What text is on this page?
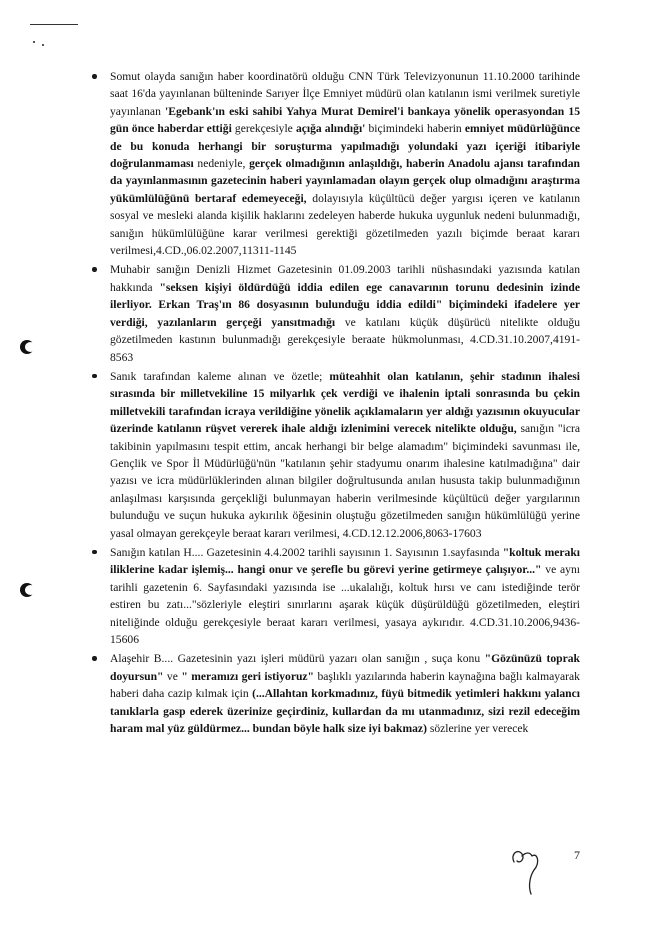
Somut olayda sanığın haber koordinatörü olduğu CNN Türk Televizyonunun 11.10.2000 tarihinde saat 16'da yayınlanan bülteninde Sarıyer İlçe Emniyet müdürü olan katılanın ismi verilmek suretiyle yayınlanan 'Egebank'ın eski sahibi Yahya Murat Demirel'i bankaya yönelik operasyondan 15 gün önce haberdar ettiği gerekçesiyle açığa alındığı' biçimindeki haberin emniyet müdürlüğünce de bu konuda herhangi bir soruşturma yapılmadığı yolundaki yazı içeriği itibariyle doğrulanmaması nedeniyle, gerçek olmadığının anlaşıldığı, haberin Anadolu ajansı tarafından da yayınlanmasının gazetecinin haberi yayınlamadan olayın gerçek olup olmadığını araştırma yükümlülüğünü bertaraf edemeyeceği, dolayısıyla küçültücü değer yargısı içeren ve katılanın sosyal ve mesleki alanda kişilik haklarını zedeleyen haberde hukuka uygunluk nedeni bulunmadığı, sanığın hükümlülüğüne karar verilmesi gerektiği gözetilmeden yazılı biçimde beraat kararı verilmesi,4.CD.,06.02.2007,11311-1145

Muhabir sanığın Denizli Hizmet Gazetesinin 01.09.2003 tarihli nüshasındaki yazısında katılan hakkında "seksen kişiyi öldürdüğü iddia edilen ege canavarının torunu dedesinin izinde ilerliyor. Erkan Traş'ın 86 dosyasının bulunduğu iddia edildi" biçimindeki ifadelere yer verdiği, yazılanların gerçeği yansıtmadığı ve katılanı küçük düşürücü nitelikte olduğu gözetilmeden kastının bulunmadığı gerekçesiyle beraate hükmolunması, 4.CD.31.10.2007,4191-8563

Sanık tarafından kaleme alınan ve özetle; müteahhit olan katılanın, şehir stadının ihalesi sırasında bir milletvekiline 15 milyarlık çek verdiği ve ihalenin iptali sonrasında bu çekin milletvekili tarafından icraya verildiğine yönelik açıklamaların yer aldığı yazısının okuyucular üzerinde katılanın rüşvet vererek ihale aldığı izlenimini verecek nitelikte olduğu, sanığın "icra takibinin yapılmasını tespit ettim, ancak herhangi bir belge alamadım" biçimindeki savunması ile, Gençlik ve Spor İl Müdürlüğü'nün "katılanın şehir stadyumu onarım ihalesine katılmadığına" dair yazısı ve icra müdürlüklerinden alınan bilgiler doğrultusunda anılan hususta takip bulunmadığının anlaşılması karşısında gerçekliği bulunmayan haberin verilmesinde küçültücü değer yargılarının bulunduğu ve suçun hukuka aykırılık öğesinin oluştuğu gözetilmeden sanığın hükümlülüğü yerine yasal olmayan gerekçeyle beraat kararı verilmesi, 4.CD.12.12.2006,8063-17603

Sanığın katılan H.... Gazetesinin 4.4.2002 tarihli sayısının 1. Sayısının 1.sayfasında "koltuk merakı iliklerine kadar işlemiş... hangi onur ve şerefle bu görevi yerine getirmeye çalışıyor..." ve aynı tarihli gazetenin 6. Sayfasındaki yazısında ise ...ukalalığı, koltuk hırsı ve canı istediğinde terör estiren bu zatı..."sözleriyle eleştiri sınırlarını aşarak küçük düşürüldüğü gözetilmeden, eleştiri niteliğinde olduğu gerekçesiyle beraat kararı verilmesi, yasaya aykırıdır. 4.CD.31.10.2006,9436-15606

Alaşehir B.... Gazetesinin yazı işleri müdürü yazarı olan sanığın , suça konu "Gözünüzü toprak doyursun" ve " meramızı geri istiyoruz" başlıklı yazılarında haberin kaynağına bağlı kalmayarak haberi daha cazip kılmak için (...Allahtan korkmadınız, füyü bitmedik yetimleri hakkını yalancı tanıklarla gasp ederek üzerinize geçirdiniz, kullardan da mı utanmadınız, sizi rezil edeceğim haram mal yüz güldürmez... bundan böyle halk size iyi bakmaz) sözlerine yer verecek

7
